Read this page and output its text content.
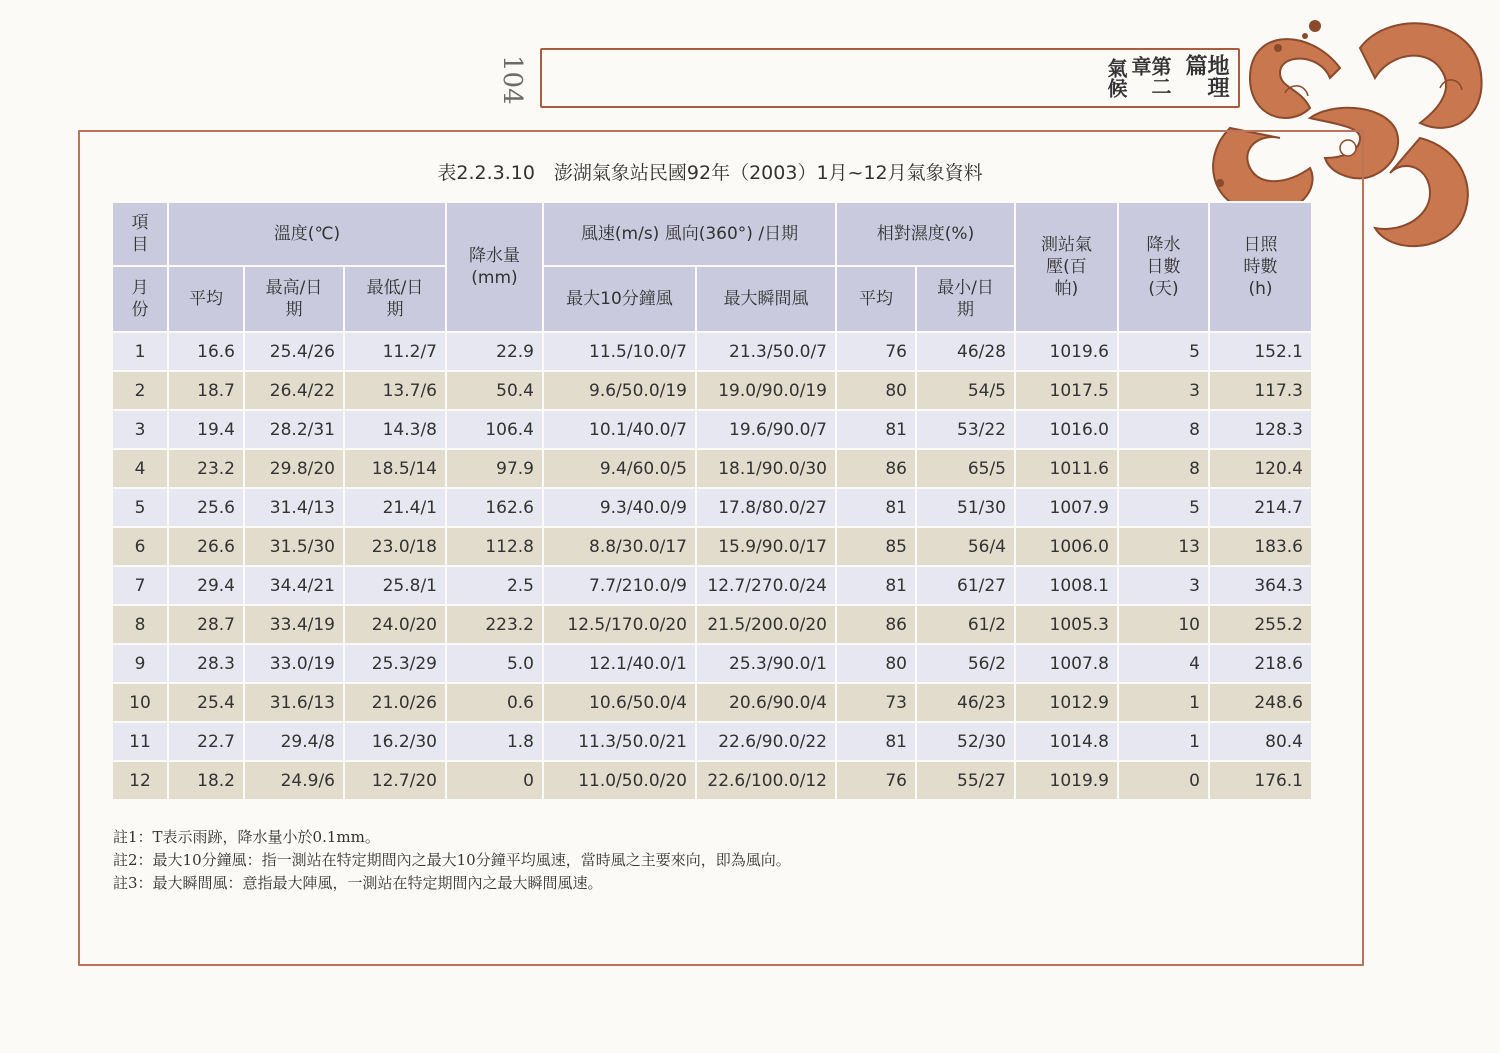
104	地理篇
第二章
氣候
表2.2.3.10　澎湖氣象站民國92年（2003）1月~12月氣象資料
項目	溫度(℃)			降水量(mm)	風速(m/s) 風向(360°) /日期		相對濕度(%)		測站氣壓(百帕)	降水日數(天)	日照時數(h)
月份	平均	最高/日期	最低/日期		最大10分鐘風	最大瞬間風	平均	最小/日期			
1	16.6	25.4/26	11.2/7	22.9	11.5/10.0/7	21.3/50.0/7	76	46/28	1019.6	5	152.1
2	18.7	26.4/22	13.7/6	50.4	9.6/50.0/19	19.0/90.0/19	80	54/5	1017.5	3	117.3
3	19.4	28.2/31	14.3/8	106.4	10.1/40.0/7	19.6/90.0/7	81	53/22	1016.0	8	128.3
4	23.2	29.8/20	18.5/14	97.9	9.4/60.0/5	18.1/90.0/30	86	65/5	1011.6	8	120.4
5	25.6	31.4/13	21.4/1	162.6	9.3/40.0/9	17.8/80.0/27	81	51/30	1007.9	5	214.7
6	26.6	31.5/30	23.0/18	112.8	8.8/30.0/17	15.9/90.0/17	85	56/4	1006.0	13	183.6
7	29.4	34.4/21	25.8/1	2.5	7.7/210.0/9	12.7/270.0/24	81	61/27	1008.1	3	364.3
8	28.7	33.4/19	24.0/20	223.2	12.5/170.0/20	21.5/200.0/20	86	61/2	1005.3	10	255.2
9	28.3	33.0/19	25.3/29	5.0	12.1/40.0/1	25.3/90.0/1	80	56/2	1007.8	4	218.6
10	25.4	31.6/13	21.0/26	0.6	10.6/50.0/4	20.6/90.0/4	73	46/23	1012.9	1	248.6
11	22.7	29.4/8	16.2/30	1.8	11.3/50.0/21	22.6/90.0/22	81	52/30	1014.8	1	80.4
12	18.2	24.9/6	12.7/20	0	11.0/50.0/20	22.6/100.0/12	76	55/27	1019.9	0	176.1
註1：T表示雨跡，降水量小於0.1mm。
註2：最大10分鐘風：指一測站在特定期間內之最大10分鐘平均風速，當時風之主要來向，即為風向。
註3：最大瞬間風：意指最大陣風，一測站在特定期間內之最大瞬間風速。
